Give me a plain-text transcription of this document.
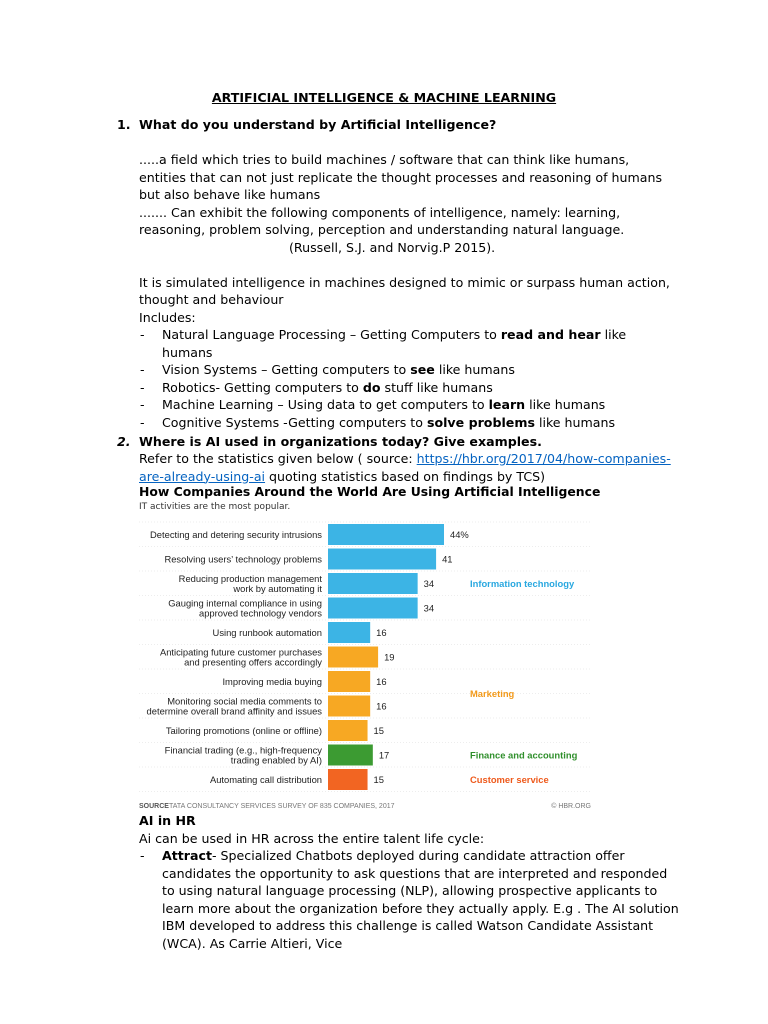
ARTIFICIAL INTELLIGENCE & MACHINE LEARNING
1. What do you understand by Artificial Intelligence?

.....a field which tries to build machines / software that can think like humans, entities that can not just replicate the thought processes and reasoning of humans but also behave like humans

....... Can exhibit the following components of intelligence, namely: learning, reasoning, problem solving, perception and understanding natural language.

(Russell, S.J. and Norvig.P 2015).

It is simulated intelligence in machines designed to mimic or surpass human action, thought and behaviour

Includes:

- Natural Language Processing – Getting Computers to read and hear like humans
- Vision Systems – Getting computers to see like humans
- Robotics- Getting computers to do stuff like humans
- Machine Learning – Using data to get computers to learn like humans
- Cognitive Systems -Getting computers to solve problems like humans
2. Where is AI used in organizations today? Give examples.

Refer to the statistics given below ( source: https://hbr.org/2017/04/how-companies-are-already-using-ai quoting statistics based on findings by TCS)

How Companies Around the World Are Using Artificial Intelligence
IT activities are the most popular.
Detecting and detering security intrusions
Resolving users’ technology problems
Reducing production management work by automating it
Gauging internal compliance in using approved technology vendors
Using runbook automation
Anticipating future customer purchases and presenting offers accordingly
Improving media buying
Monitoring social media comments to determine overall brand affinity and issues
Tailoring promotions (online or offline)
Financial trading (e.g., high-frequency trading enabled by AI)
Automating call distribution
44%
41
34
34
16
19
16
16
15
17
15
Information technology
Marketing
Finance and accounting
Customer service
SOURCE TATA CONSULTANCY SERVICES SURVEY OF 835 COMPANIES, 2017	© HBR.ORG

AI in HR

Ai can be used in HR across the entire talent life cycle:

- Attract- Specialized Chatbots deployed during candidate attraction offer candidates the opportunity to ask questions that are interpreted and responded to using natural language processing (NLP), allowing prospective applicants to learn more about the organization before they actually apply. E.g . The AI solution IBM developed to address this challenge is called Watson Candidate Assistant (WCA). As Carrie Altieri, Vice
